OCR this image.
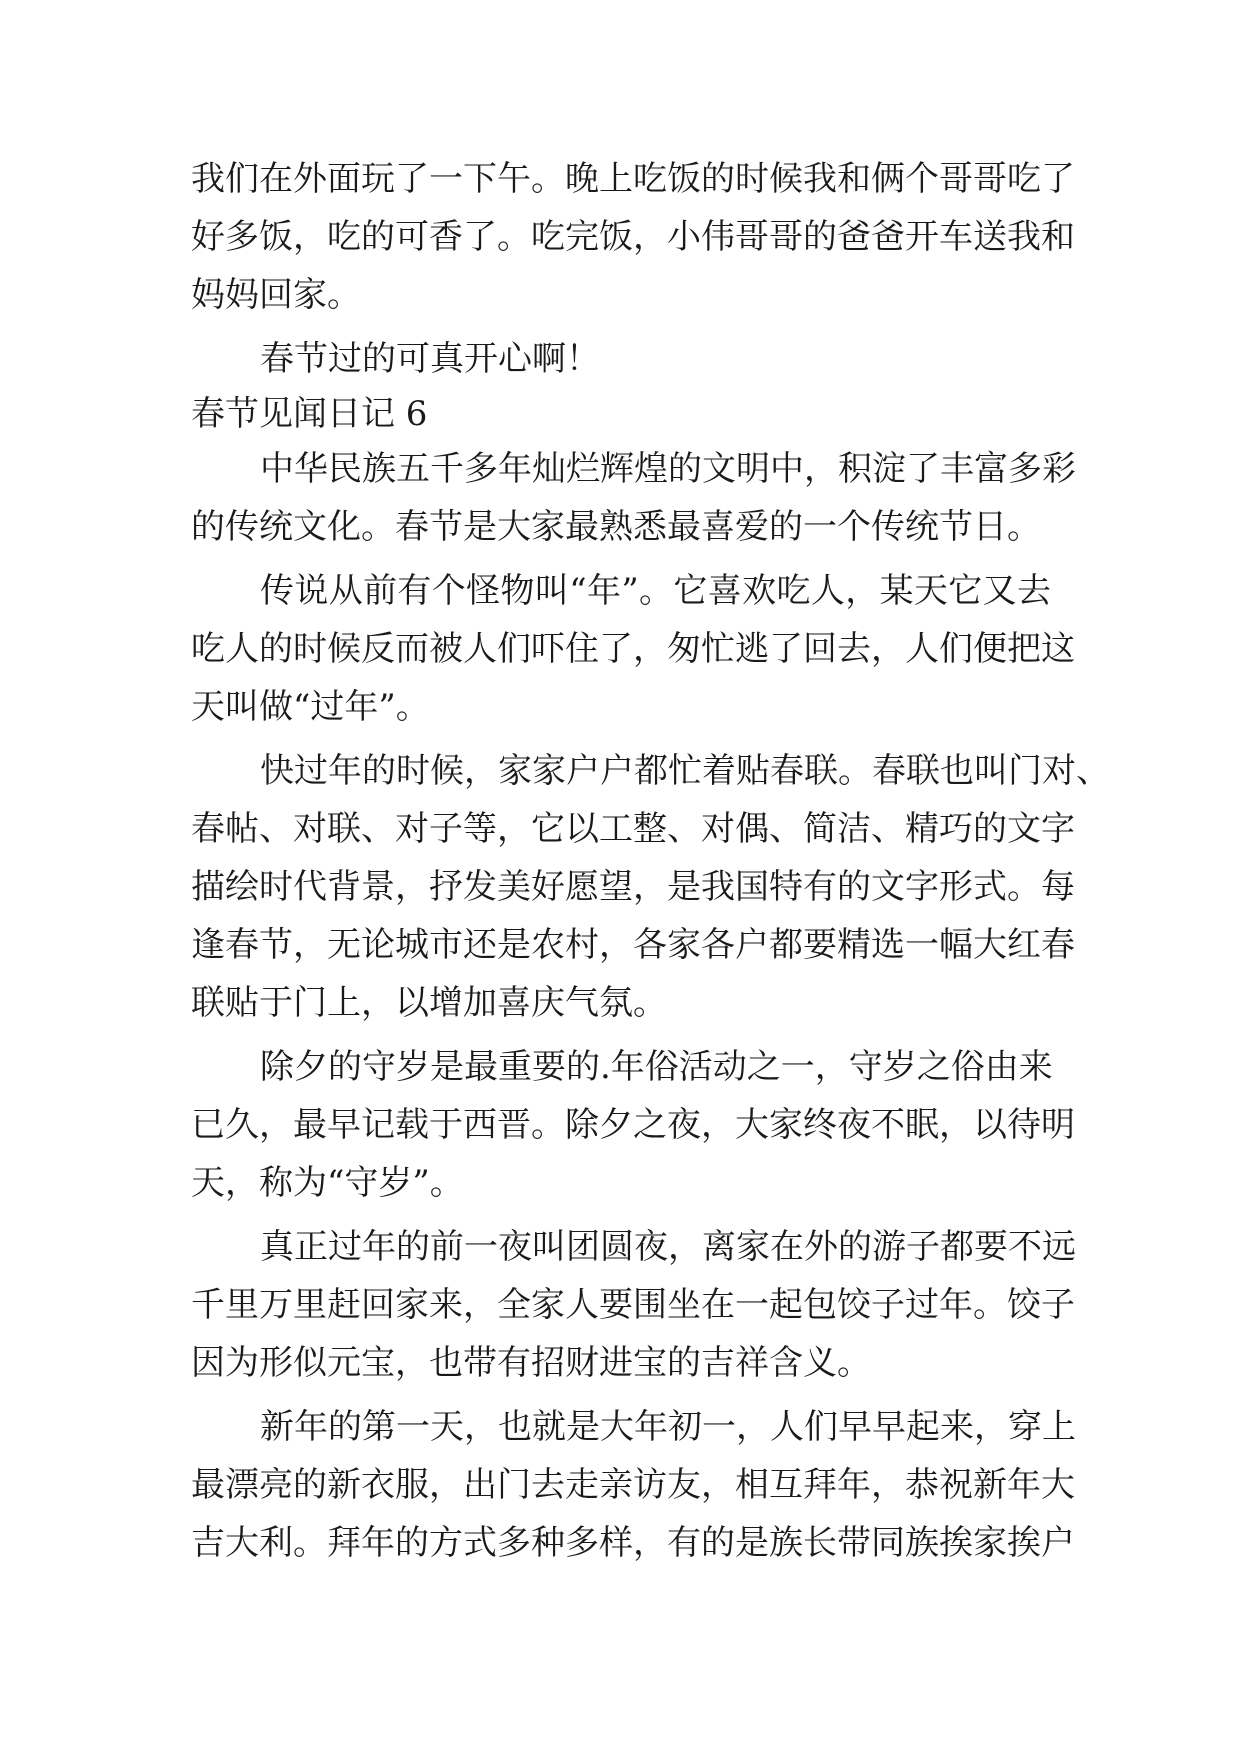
我们在外面玩了一下午。晚上吃饭的时候我和俩个哥哥吃了
好多饭，吃的可香了。吃完饭，小伟哥哥的爸爸开车送我和
妈妈回家。
春节过的可真开心啊！
春节见闻日记 6
中华民族五千多年灿烂辉煌的文明中，积淀了丰富多彩
的传统文化。春节是大家最熟悉最喜爱的一个传统节日。
传说从前有个怪物叫“年”。它喜欢吃人，某天它又去
吃人的时候反而被人们吓住了，匆忙逃了回去，人们便把这
天叫做“过年”。
快过年的时候，家家户户都忙着贴春联。春联也叫门对、
春帖、对联、对子等，它以工整、对偶、简洁、精巧的文字
描绘时代背景，抒发美好愿望，是我国特有的文字形式。每
逢春节，无论城市还是农村，各家各户都要精选一幅大红春
联贴于门上，以增加喜庆气氛。
除夕的守岁是最重要的.年俗活动之一，守岁之俗由来
已久，最早记载于西晋。除夕之夜，大家终夜不眠，以待明
天，称为“守岁”。
真正过年的前一夜叫团圆夜，离家在外的游子都要不远
千里万里赶回家来，全家人要围坐在一起包饺子过年。饺子
因为形似元宝，也带有招财进宝的吉祥含义。
新年的第一天，也就是大年初一，人们早早起来，穿上
最漂亮的新衣服，出门去走亲访友，相互拜年，恭祝新年大
吉大利。拜年的方式多种多样，有的是族长带同族挨家挨户
